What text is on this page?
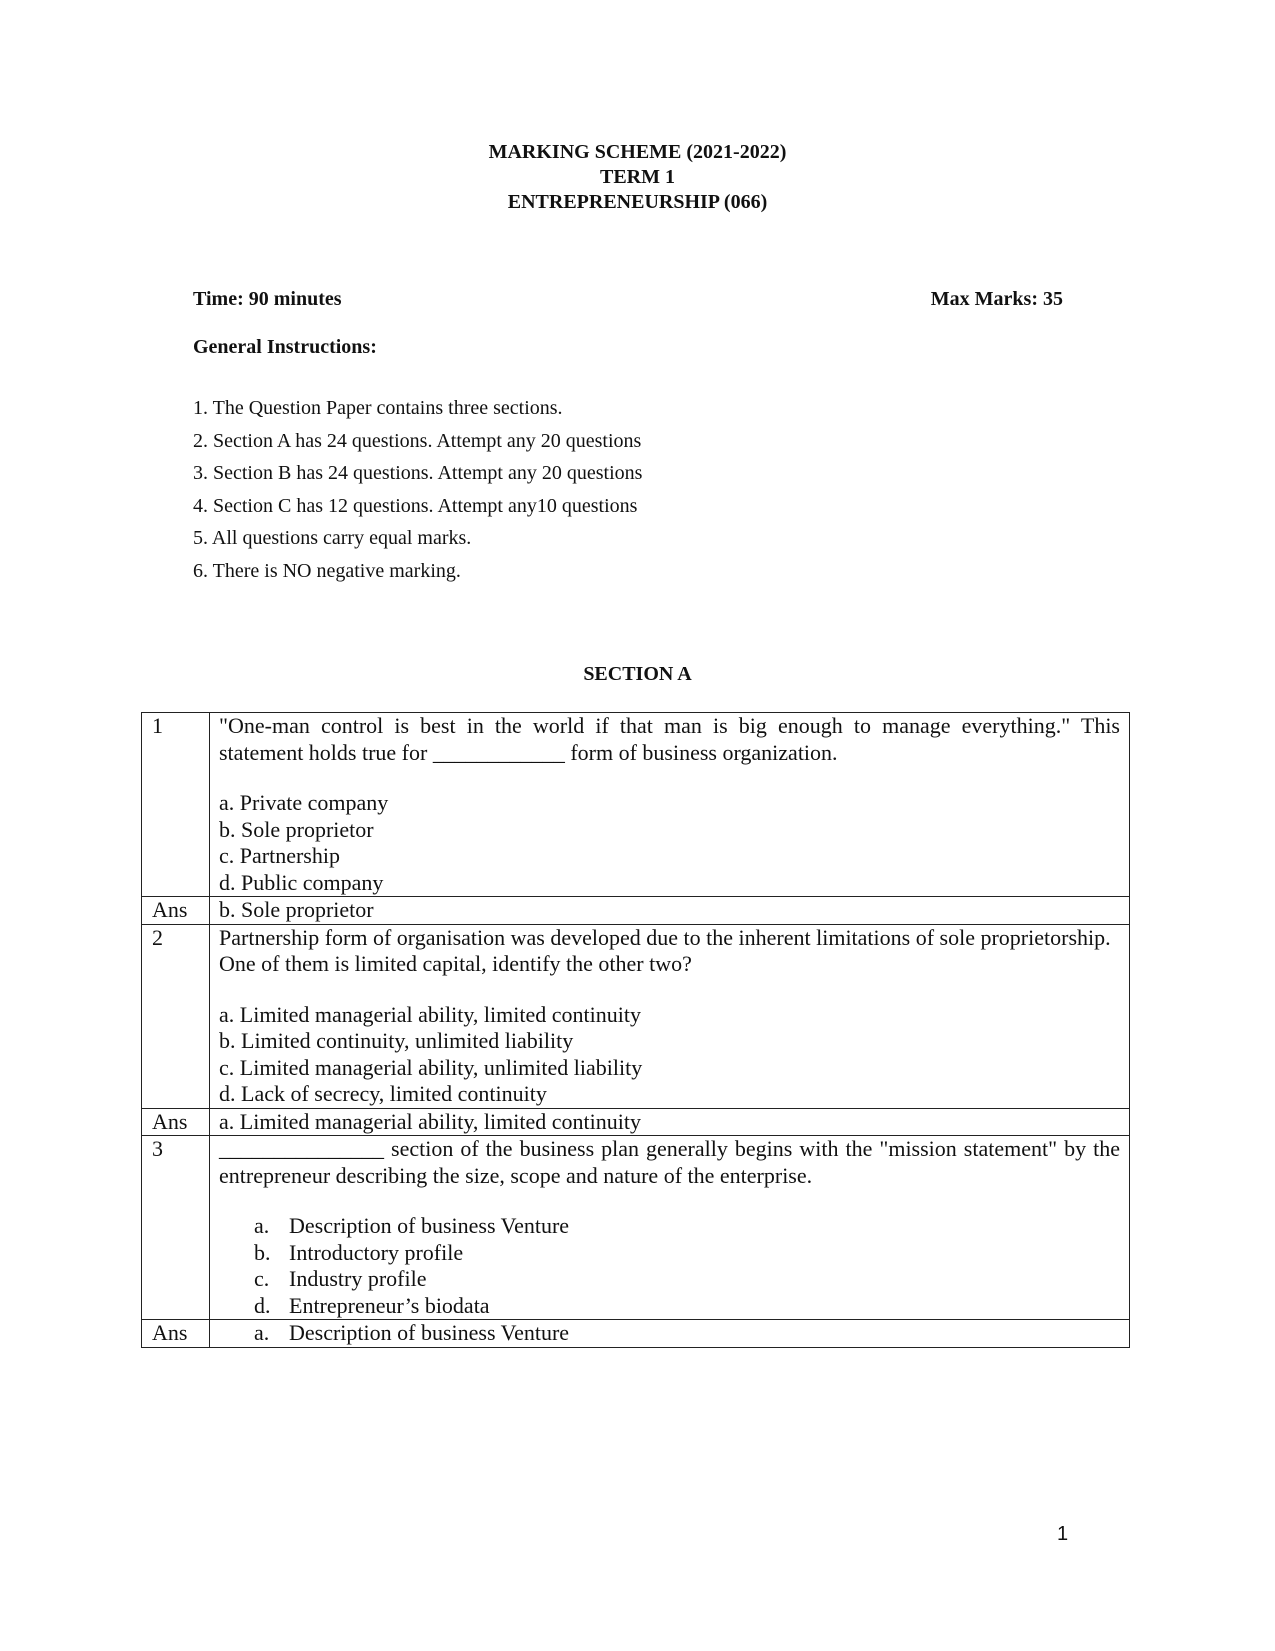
MARKING SCHEME (2021-2022)
TERM 1
ENTREPRENEURSHIP (066)
Time: 90 minutes	Max Marks: 35
General Instructions:
1. The Question Paper contains three sections.
2. Section A has 24 questions. Attempt any 20 questions
3. Section B has 24 questions. Attempt any 20 questions
4. Section C has 12 questions. Attempt any10 questions
5. All questions carry equal marks.
6. There is NO negative marking.
SECTION A
1	"One-man control is best in the world if that man is big enough to manage everything." This statement holds true for ____________ form of business organization.
a. Private company
b. Sole proprietor
c. Partnership
d. Public company

Ans	b. Sole proprietor
2	Partnership form of organisation was developed due to the inherent limitations of sole proprietorship. One of them is limited capital, identify the other two?
a. Limited managerial ability, limited continuity
b. Limited continuity, unlimited liability
c. Limited managerial ability, unlimited liability
d. Lack of secrecy, limited continuity

Ans	a. Limited managerial ability, limited continuity
3	_______________ section of the business plan generally begins with the "mission statement" by the entrepreneur describing the size, scope and nature of the enterprise.
a. Description of business Venture
b. Introductory profile
c. Industry profile
d. Entrepreneur’s biodata

Ans	a. Description of business Venture
1
